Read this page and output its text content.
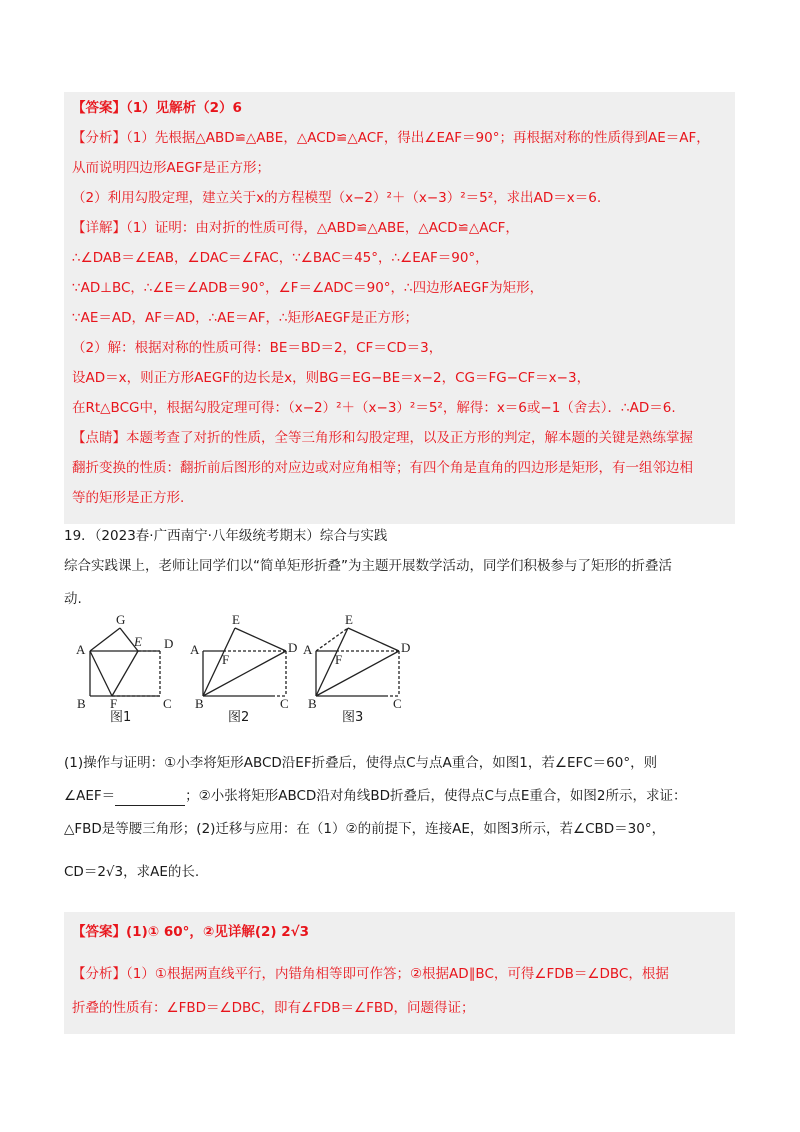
【答案】（1）见解析（2）6
【分析】（1）先根据△ABD≌△ABE，△ACD≌△ACF，得出∠EAF＝90°；再根据对称的性质得到AE＝AF，
从而说明四边形AEGF是正方形；
（2）利用勾股定理，建立关于x的方程模型（x−2）²＋（x−3）²＝5²，求出AD＝x＝6.
【详解】（1）证明：由对折的性质可得，△ABD≌△ABE，△ACD≌△ACF，
∴∠DAB＝∠EAB，∠DAC＝∠FAC，∵∠BAC＝45°，∴∠EAF＝90°，
∵AD⊥BC，∴∠E＝∠ADB＝90°，∠F＝∠ADC＝90°，∴四边形AEGF为矩形，
∵AE＝AD，AF＝AD，∴AE＝AF，∴矩形AEGF是正方形；
（2）解：根据对称的性质可得：BE＝BD＝2，CF＝CD＝3，
设AD＝x，则正方形AEGF的边长是x，则BG＝EG−BE＝x−2，CG＝FG−CF＝x−3，
在Rt△BCG中，根据勾股定理可得：（x−2）²＋（x−3）²＝5²，解得：x＝6或−1（舍去）．∴AD＝6.
【点睛】本题考查了对折的性质，全等三角形和勾股定理，以及正方形的判定，解本题的关键是熟练掌握
翻折变换的性质：翻折前后图形的对应边或对应角相等；有四个角是直角的四边形是矩形，有一组邻边相
等的矩形是正方形.
19．（2023春·广西南宁·八年级统考期末）综合与实践
综合实践课上，老师让同学们以“简单矩形折叠”为主题开展数学活动，同学们积极参与了矩形的折叠活
动.
G
A
E D
B F	C
E
A
F
D
B	C
E
A
F
D
B	C
图1	图2	图3
(1)操作与证明：①小李将矩形ABCD沿EF折叠后，使得点C与点A重合，如图1，若∠EFC＝60°，则
∠AEF＝	；②小张将矩形ABCD沿对角线BD折叠后，使得点C与点E重合，如图2所示，求证：
△FBD是等腰三角形；(2)迁移与应用：在（1）②的前提下，连接AE，如图3所示，若∠CBD＝30°，
CD＝2√3，求AE的长.
【答案】(1)① 60°，②见详解(2) 2√3
【分析】（1）①根据两直线平行，内错角相等即可作答；②根据AD∥BC，可得∠FDB＝∠DBC，根据
折叠的性质有：∠FBD＝∠DBC，即有∠FDB＝∠FBD，问题得证；
